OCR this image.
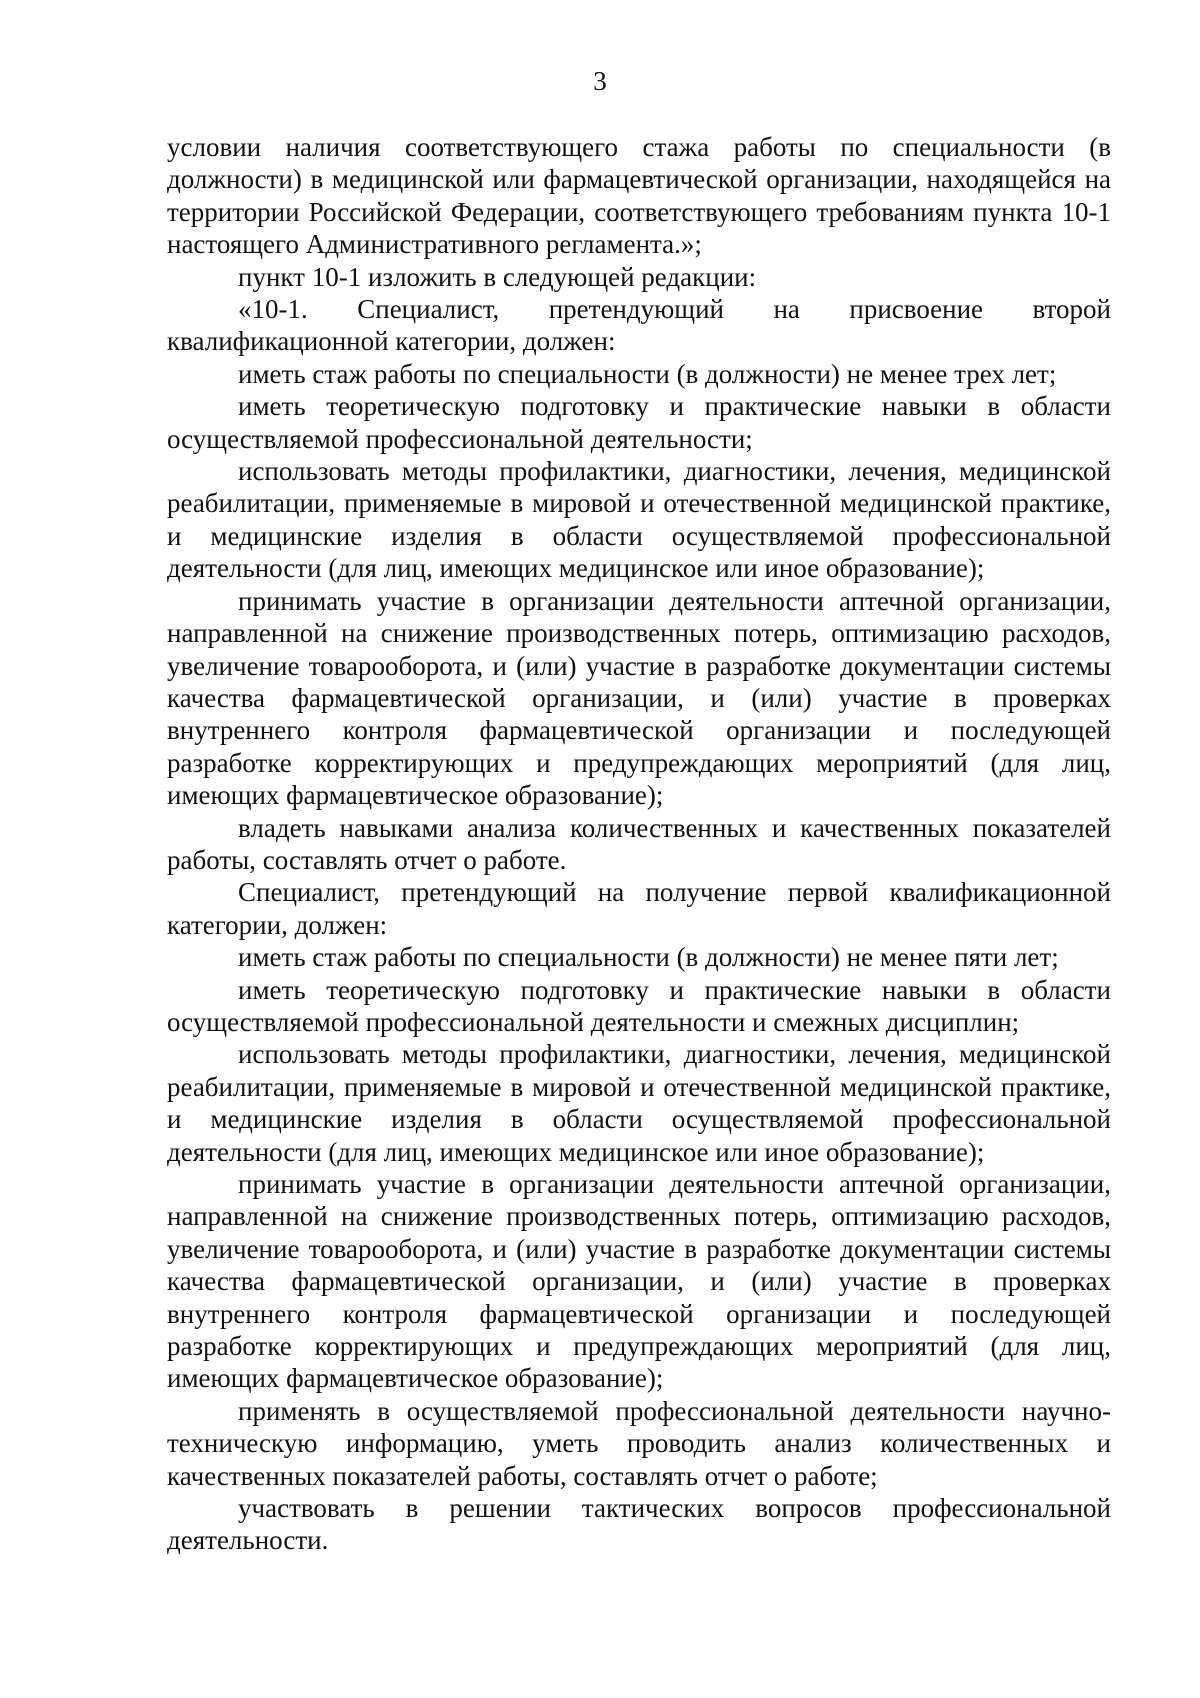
3

условии наличия соответствующего стажа работы по специальности (в должности) в медицинской или фармацевтической организации, находящейся на территории Российской Федерации, соответствующего требованиям пункта 10-1 настоящего Административного регламента.»;

пункт 10-1 изложить в следующей редакции:

«10-1. Специалист, претендующий на присвоение второй квалификационной категории, должен:

иметь стаж работы по специальности (в должности) не менее трех лет;

иметь теоретическую подготовку и практические навыки в области осуществляемой профессиональной деятельности;

использовать методы профилактики, диагностики, лечения, медицинской реабилитации, применяемые в мировой и отечественной медицинской практике, и медицинские изделия в области осуществляемой профессиональной деятельности (для лиц, имеющих медицинское или иное образование);

принимать участие в организации деятельности аптечной организации, направленной на снижение производственных потерь, оптимизацию расходов, увеличение товарооборота, и (или) участие в разработке документации системы качества фармацевтической организации, и (или) участие в проверках внутреннего контроля фармацевтической организации и последующей разработке корректирующих и предупреждающих мероприятий (для лиц, имеющих фармацевтическое образование);

владеть навыками анализа количественных и качественных показателей работы, составлять отчет о работе.

Специалист, претендующий на получение первой квалификационной категории, должен:

иметь стаж работы по специальности (в должности) не менее пяти лет;

иметь теоретическую подготовку и практические навыки в области осуществляемой профессиональной деятельности и смежных дисциплин;

использовать методы профилактики, диагностики, лечения, медицинской реабилитации, применяемые в мировой и отечественной медицинской практике, и медицинские изделия в области осуществляемой профессиональной деятельности (для лиц, имеющих медицинское или иное образование);

принимать участие в организации деятельности аптечной организации, направленной на снижение производственных потерь, оптимизацию расходов, увеличение товарооборота, и (или) участие в разработке документации системы качества фармацевтической организации, и (или) участие в проверках внутреннего контроля фармацевтической организации и последующей разработке корректирующих и предупреждающих мероприятий (для лиц, имеющих фармацевтическое образование);

применять в осуществляемой профессиональной деятельности научно-техническую информацию, уметь проводить анализ количественных и качественных показателей работы, составлять отчет о работе;

участвовать в решении тактических вопросов профессиональной деятельности.
